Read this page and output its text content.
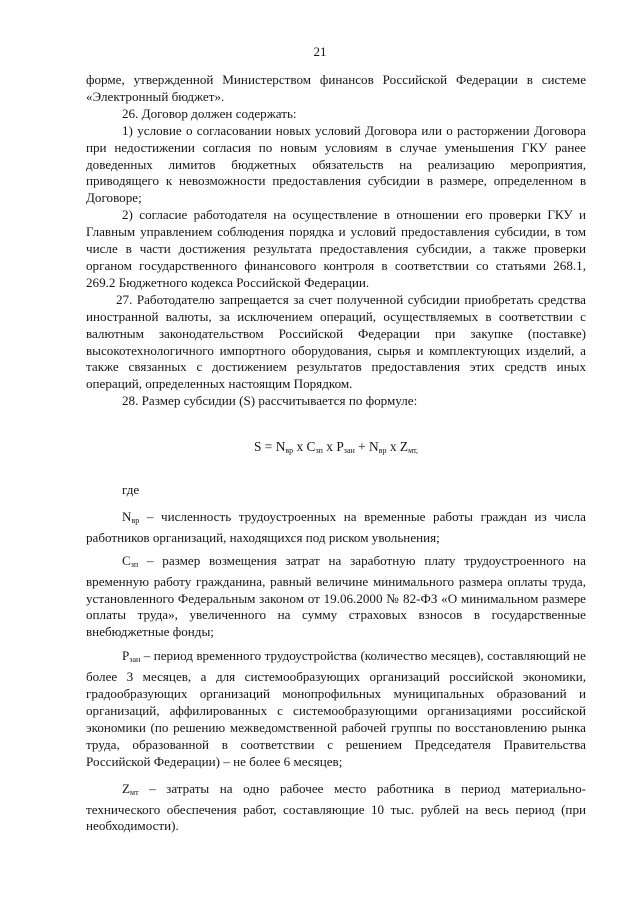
21

форме, утвержденной Министерством финансов Российской Федерации в системе «Электронный бюджет».

26. Договор должен содержать:

1) условие о согласовании новых условий Договора или о расторжении Договора при недостижении согласия по новым условиям в случае уменьшения ГКУ ранее доведенных лимитов бюджетных обязательств на реализацию мероприятия, приводящего к невозможности предоставления субсидии в размере, определенном в Договоре;

2) согласие работодателя на осуществление в отношении его проверки ГКУ и Главным управлением соблюдения порядка и условий предоставления субсидии, в том числе в части достижения результата предоставления субсидии, а также проверки органом государственного финансового контроля в соответствии со статьями 268.1, 269.2 Бюджетного кодекса Российской Федерации.

27. Работодателю запрещается за счет полученной субсидии приобретать средства иностранной валюты, за исключением операций, осуществляемых в соответствии с валютным законодательством Российской Федерации при закупке (поставке) высокотехнологичного импортного оборудования, сырья и комплектующих изделий, а также связанных с достижением результатов предоставления этих средств иных операций, определенных настоящим Порядком.

28. Размер субсидии (S) рассчитывается по формуле:

$S = N_{вр}$ x $C_{зп}$ x $P_{зан} + N_{вр}$ x $Z_{мт,}$

где

$N_{вр}$ – численность трудоустроенных на временные работы граждан из числа работников организаций, находящихся под риском увольнения;

$C_{зп}$ – размер возмещения затрат на заработную плату трудоустроенного на временную работу гражданина, равный величине минимального размера оплаты труда, установленного Федеральным законом от 19.06.2000 № 82-ФЗ «О минимальном размере оплаты труда», увеличенного на сумму страховых взносов в государственные внебюджетные фонды;

$P_{зан}$ – период временного трудоустройства (количество месяцев), составляющий не более 3 месяцев, а для системообразующих организаций российской экономики, градообразующих организаций монопрофильных муниципальных образований и организаций, аффилированных с системообразующими организациями российской экономики (по решению межведомственной рабочей группы по восстановлению рынка труда, образованной в соответствии с решением Председателя Правительства Российской Федерации) – не более 6 месяцев;

$Z_{мт}$ – затраты на одно рабочее место работника в период материально-технического обеспечения работ, составляющие 10 тыс. рублей на весь период (при необходимости).
